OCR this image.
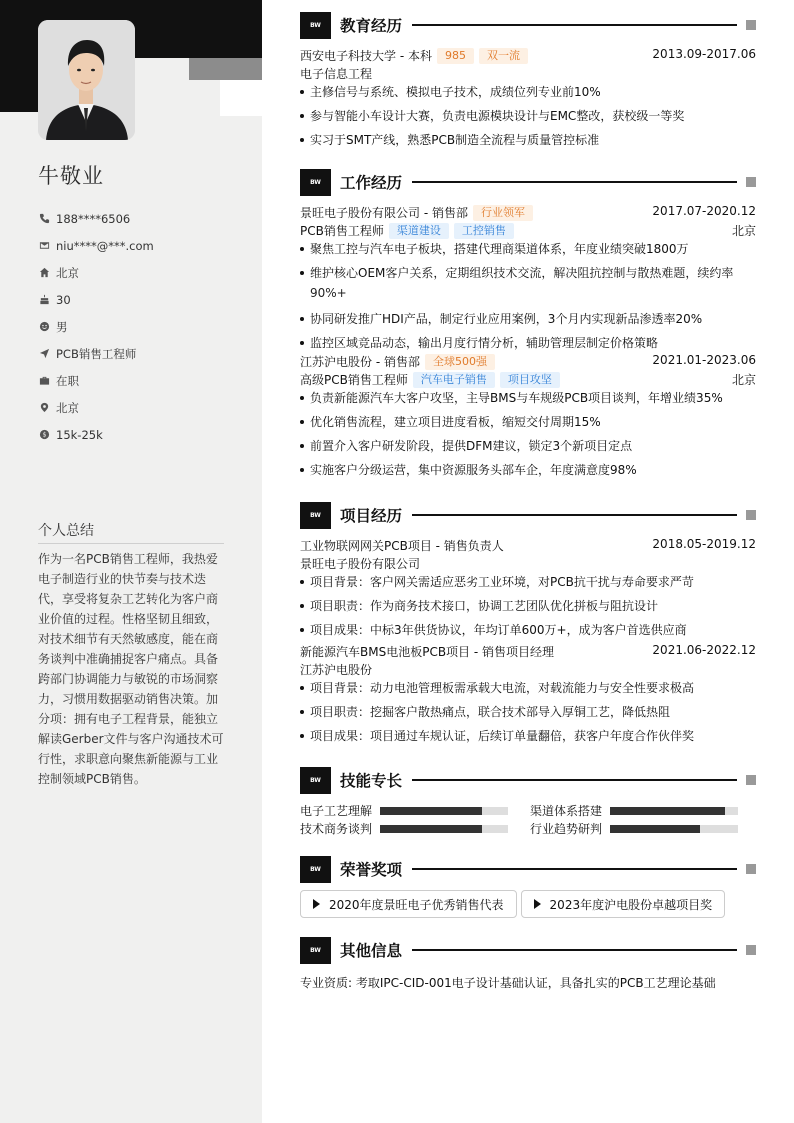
牛敬业
188****6506
niu****@***.com
北京
30
男
PCB销售工程师
在职
北京
$ 15k-25k
个人总结
作为一名PCB销售工程师，我热爱电子制造行业的快节奏与技术迭代，享受将复杂工艺转化为客户商业价值的过程。性格坚韧且细致，对技术细节有天然敏感度，能在商务谈判中准确捕捉客户痛点。具备跨部门协调能力与敏锐的市场洞察力，习惯用数据驱动销售决策。加分项：拥有电子工程背景，能独立解读Gerber文件与客户沟通技术可行性，求职意向聚焦新能源与工业控制领域PCB销售。
BW	教育经历
西安电子科技大学 - 本科	985	双一流	2013.09-2017.06
电子信息工程
主修信号与系统、模拟电子技术，成绩位列专业前10%
参与智能小车设计大赛，负责电源模块设计与EMC整改，获校级一等奖
实习于SMT产线，熟悉PCB制造全流程与质量管控标准
BW	工作经历
景旺电子股份有限公司 - 销售部	行业领军	2017.07-2020.12
PCB销售工程师	渠道建设	工控销售	北京
聚焦工控与汽车电子板块，搭建代理商渠道体系，年度业绩突破1800万
维护核心OEM客户关系，定期组织技术交流，解决阻抗控制与散热难题，续约率
90%+
协同研发推广HDI产品，制定行业应用案例，3个月内实现新品渗透率20%
监控区域竞品动态，输出月度行情分析，辅助管理层制定价格策略
江苏沪电股份 - 销售部	全球500强	2021.01-2023.06
高级PCB销售工程师	汽车电子销售	项目攻坚	北京
负责新能源汽车大客户攻坚，主导BMS与车规级PCB项目谈判，年增业绩35%
优化销售流程，建立项目进度看板，缩短交付周期15%
前置介入客户研发阶段，提供DFM建议，锁定3个新项目定点
实施客户分级运营，集中资源服务头部车企，年度满意度98%
BW	项目经历
工业物联网网关PCB项目 - 销售负责人	2018.05-2019.12
景旺电子股份有限公司
项目背景：客户网关需适应恶劣工业环境，对PCB抗干扰与寿命要求严苛
项目职责：作为商务技术接口，协调工艺团队优化拼板与阻抗设计
项目成果：中标3年供货协议，年均订单600万+，成为客户首选供应商
新能源汽车BMS电池板PCB项目 - 销售项目经理	2021.06-2022.12
江苏沪电股份
项目背景：动力电池管理板需承载大电流，对载流能力与安全性要求极高
项目职责：挖掘客户散热痛点，联合技术部导入厚铜工艺，降低热阻
项目成果：项目通过车规认证，后续订单量翻倍，获客户年度合作伙伴奖
BW	技能专长
电子工艺理解	渠道体系搭建
技术商务谈判	行业趋势研判
BW	荣誉奖项
2020年度景旺电子优秀销售代表	2023年度沪电股份卓越项目奖
BW	其他信息
专业资质: 考取IPC-CID-001电子设计基础认证，具备扎实的PCB工艺理论基础
